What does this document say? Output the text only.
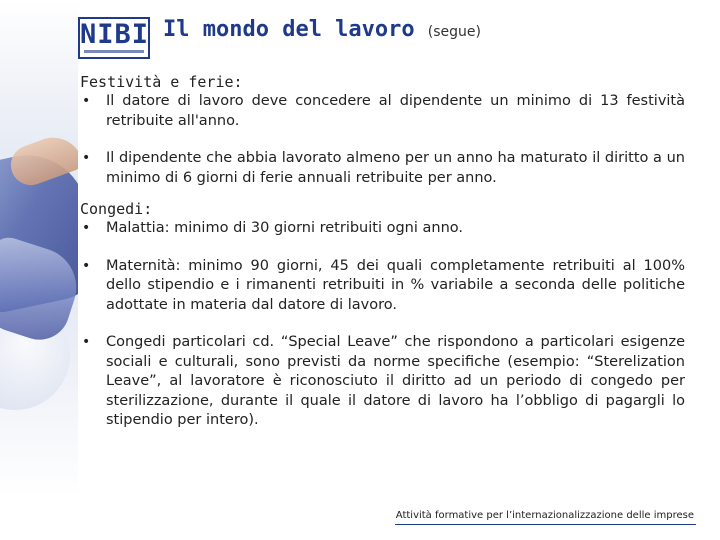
NIBI Il mondo del lavoro (segue)

Festività e ferie:

• Il datore di lavoro deve concedere al dipendente un minimo di 13 festività retribuite all'anno.
• Il dipendente che abbia lavorato almeno per un anno ha maturato il diritto a un minimo di 6 giorni di ferie annuali retribuite per anno.

Congedi:

• Malattia: minimo di 30 giorni retribuiti ogni anno.
• Maternità: minimo 90 giorni, 45 dei quali completamente retribuiti al 100% dello stipendio e i rimanenti retribuiti in % variabile a seconda delle politiche adottate in materia dal datore di lavoro.
• Congedi particolari cd. “Special Leave” che rispondono a particolari esigenze sociali e culturali, sono previsti da norme specifiche (esempio: “Sterelization Leave”, al lavoratore è riconosciuto il diritto ad un periodo di congedo per sterilizzazione, durante il quale il datore di lavoro ha l’obbligo di pagargli lo stipendio per intero).
Attività formative per l’internazionalizzazione delle imprese
